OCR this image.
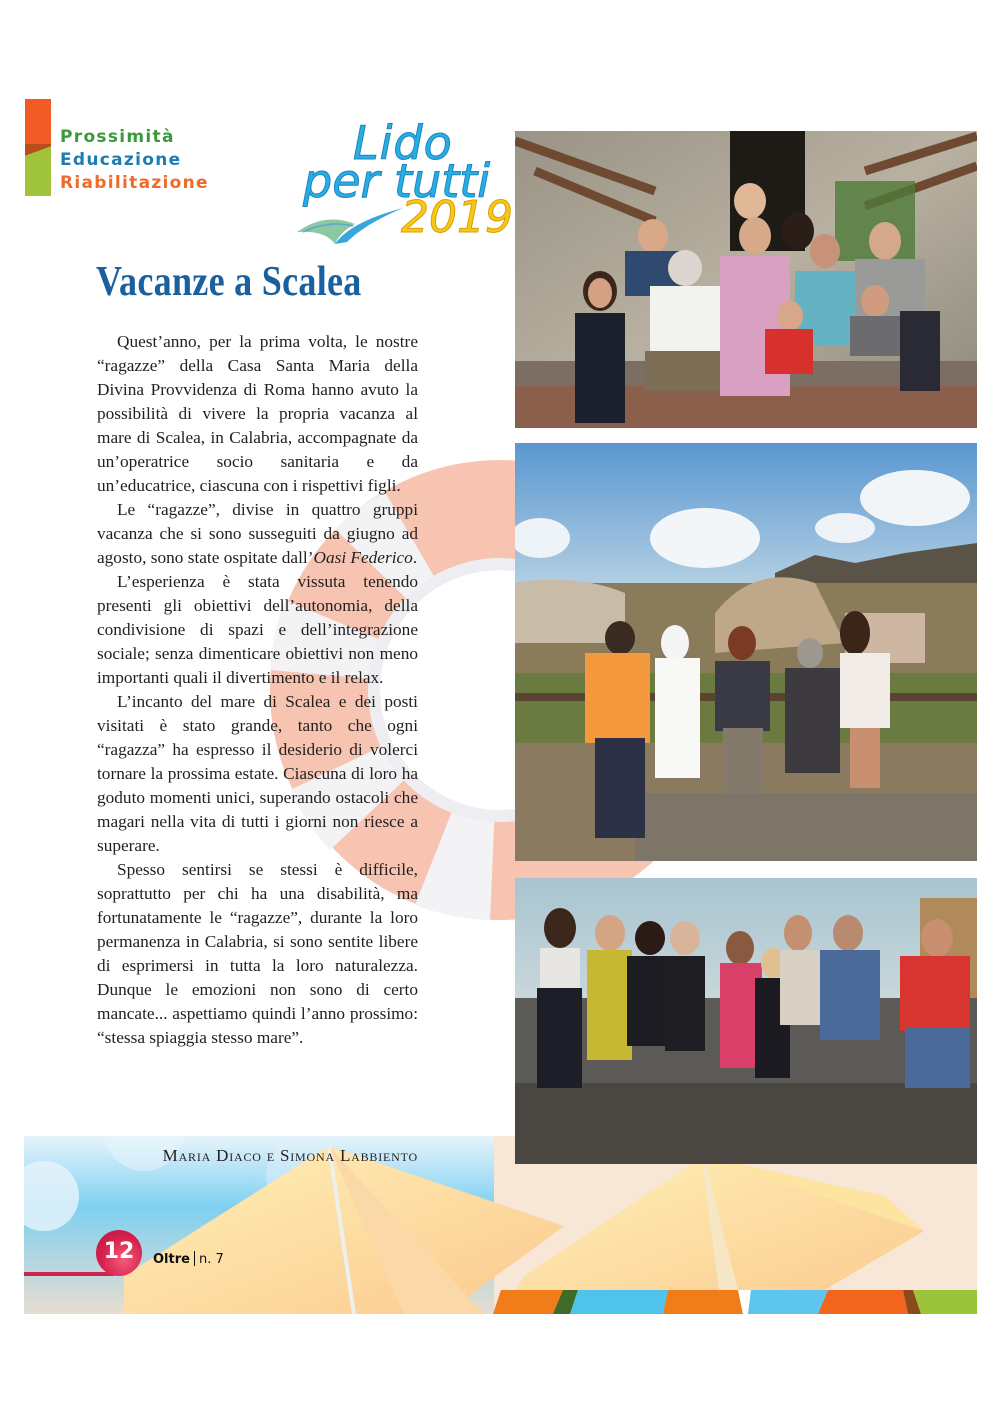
Prossimità
Educazione
Riabilitazione
Lido
per tutti
2019
Vacanze a Scalea

Quest’anno, per la prima volta, le nostre “ragazze” della Casa Santa Maria della Divina Provvidenza di Roma hanno avuto la possibilità di vivere la propria vacanza al mare di Scalea, in Calabria, accompagnate da un’operatrice socio sanitaria e da un’educatrice, ciascuna con i rispettivi figli.

Le “ragazze”, divise in quattro gruppi vacanza che si sono susseguiti da giugno ad agosto, sono state ospitate dall’Oasi Federico.

L’esperienza è stata vissuta tenendo presenti gli obiettivi dell’autonomia, della condivisione di spazi e dell’integrazione sociale; senza dimenticare obiettivi non meno importanti quali il divertimento e il relax.

L’incanto del mare di Scalea e dei posti visitati è stato grande, tanto che ogni “ragazza” ha espresso il desiderio di volerci tornare la prossima estate. Ciascuna di loro ha goduto momenti unici, superando ostacoli che magari nella vita di tutti i giorni non riesce a superare.

Spesso sentirsi se stessi è difficile, soprattutto per chi ha una disabilità, ma fortunatamente le “ragazze”, durante la loro permanenza in Calabria, si sono sentite libere di esprimersi in tutta la loro naturalezza. Dunque le emozioni non sono di certo mancate... aspettiamo quindi l’anno prossimo: “stessa spiaggia stesso mare”.

Maria Diaco e Simona Labbiento
12	Oltre n. 7
